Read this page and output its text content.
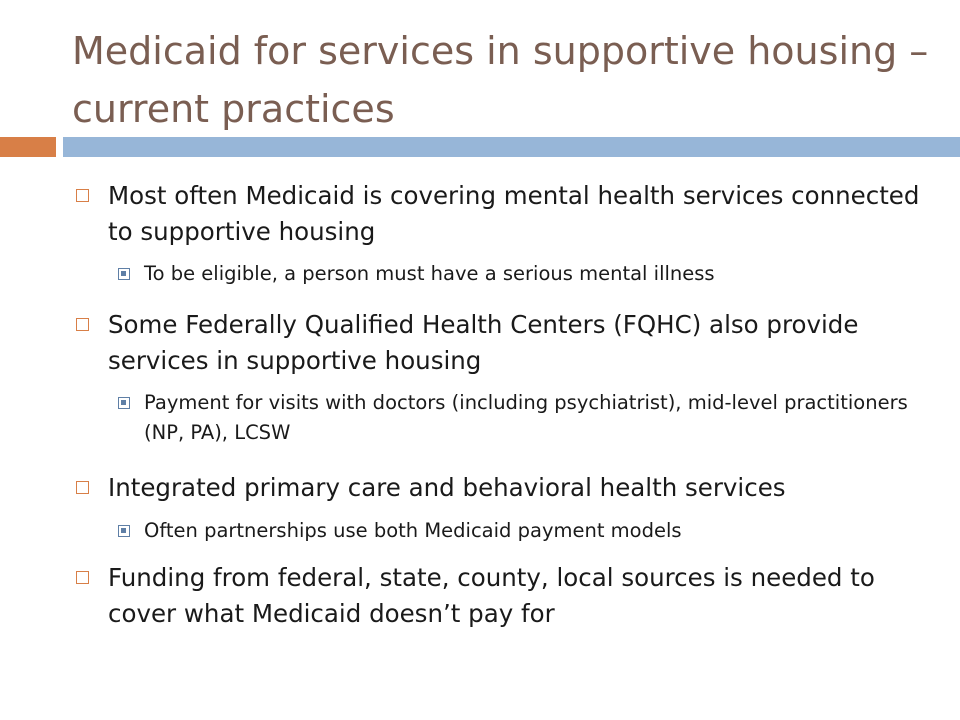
Medicaid for services in supportive housing – current practices
Most often Medicaid is covering mental health services connected to supportive housing
To be eligible, a person must have a serious mental illness
Some Federally Qualified Health Centers (FQHC) also provide services in supportive housing
Payment for visits with doctors (including psychiatrist), mid-level practitioners (NP, PA), LCSW
Integrated primary care and behavioral health services
Often partnerships use both Medicaid payment models
Funding from federal, state, county, local sources is needed to cover what Medicaid doesn’t pay for
